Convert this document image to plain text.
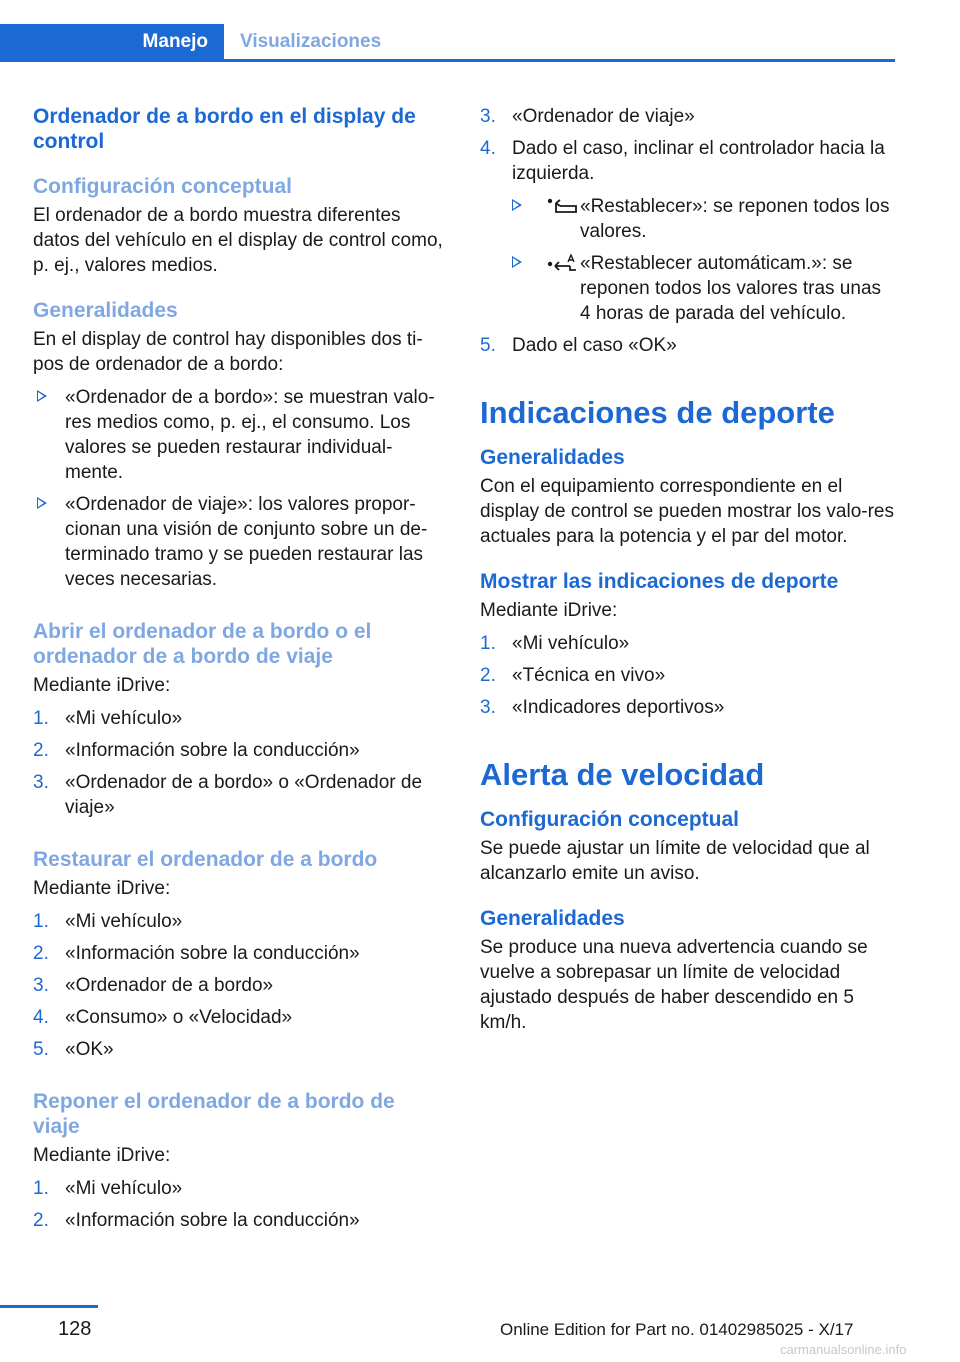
Manejo	Visualizaciones
Ordenador de a bordo en el display de control
Configuración conceptual

El ordenador de a bordo muestra diferentes datos del vehículo en el display de control como, p. ej., valores medios.

Generalidades

En el display de control hay disponibles dos ti-pos de ordenador de a bordo:

«Ordenador de a bordo»: se muestran valo-res medios como, p. ej., el consumo. Los valores se pueden restaurar individual-mente.
«Ordenador de viaje»: los valores propor-cionan una visión de conjunto sobre un de-terminado tramo y se pueden restaurar las veces necesarias.
Abrir el ordenador de a bordo o el ordenador de a bordo de viaje

Mediante iDrive:

1. «Mi vehículo»
2. «Información sobre la conducción»
3. «Ordenador de a bordo» o «Ordenador de viaje»
Restaurar el ordenador de a bordo

Mediante iDrive:

1. «Mi vehículo»
2. «Información sobre la conducción»
3. «Ordenador de a bordo»
4. «Consumo» o «Velocidad»
5. «OK»
Reponer el ordenador de a bordo de viaje

Mediante iDrive:

1. «Mi vehículo»
2. «Información sobre la conducción»
3. «Ordenador de viaje»
4. Dado el caso, inclinar el controlador hacia la izquierda.
«Restablecer»: se reponen todos los valores.
«Restablecer automáticam.»: se reponen todos los valores tras unas 4 horas de parada del vehículo.
5. Dado el caso «OK»
Indicaciones de deporte
Generalidades

Con el equipamiento correspondiente en el display de control se pueden mostrar los valo-res actuales para la potencia y el par del motor.

Mostrar las indicaciones de deporte

Mediante iDrive:

1. «Mi vehículo»
2. «Técnica en vivo»
3. «Indicadores deportivos»
Alerta de velocidad
Configuración conceptual

Se puede ajustar un límite de velocidad que al alcanzarlo emite un aviso.

Generalidades

Se produce una nueva advertencia cuando se vuelve a sobrepasar un límite de velocidad ajustado después de haber descendido en 5 km/h.

128	Online Edition for Part no. 01402985025 - X/17
carmanualsonline.info
